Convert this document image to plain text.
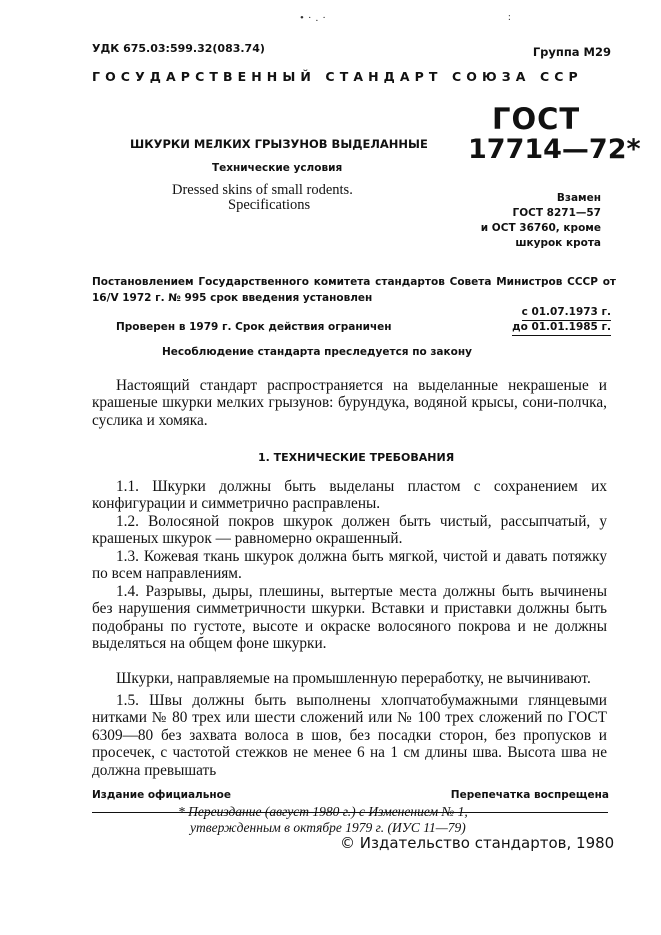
•·.·	:
УДК 675.03:599.32(083.74)	Группа М29
ГОСУДАРСТВЕННЫЙ СТАНДАРТ СОЮЗА ССР
ШКУРКИ МЕЛКИХ ГРЫЗУНОВ ВЫДЕЛАННЫЕ
Технические условия
Dressed skins of small rodents.
Specifications
ГОСТ
17714—72*
Взамен
ГОСТ 8271—57
и ОСТ 36760, кроме
шкурок крота
Постановлением Государственного комитета стандартов Совета Министров СССР от 16/V 1972 г. № 995 срок введения установлен
с 01.07.1973 г.
Проверен в 1979 г. Срок действия ограничен	до 01.01.1985 г.
Несоблюдение стандарта преследуется по закону

Настоящий стандарт распространяется на выделанные некрашеные и крашеные шкурки мелких грызунов: бурундука, водяной крысы, сони-полчка, суслика и хомяка.

1. ТЕХНИЧЕСКИЕ ТРЕБОВАНИЯ

1.1. Шкурки должны быть выделаны пластом с сохранением их конфигурации и симметрично расправлены.

1.2. Волосяной покров шкурок должен быть чистый, рассыпчатый, у крашеных шкурок — равномерно окрашенный.

1.3. Кожевая ткань шкурок должна быть мягкой, чистой и давать потяжку по всем направлениям.

1.4. Разрывы, дыры, плешины, вытертые места должны быть вычинены без нарушения симметричности шкурки. Вставки и приставки должны быть подобраны по густоте, высоте и окраске волосяного покрова и не должны выделяться на общем фоне шкурки.

Шкурки, направляемые на промышленную переработку, не вычинивают.

1.5. Швы должны быть выполнены хлопчатобумажными глянцевыми нитками № 80 трех или шести сложений или № 100 трех сложений по ГОСТ 6309—80 без захвата волоса в шов, без посадки сторон, без пропусков и просечек, с частотой стежков не менее 6 на 1 см длины шва. Высота шва не должна превышать

Издание официальное	Перепечатка воспрещена
* Переиздание (август 1980 г.) с Изменением № 1,
утвержденным в октябре 1979 г. (ИУС 11—79)
© Издательство стандартов, 1980
